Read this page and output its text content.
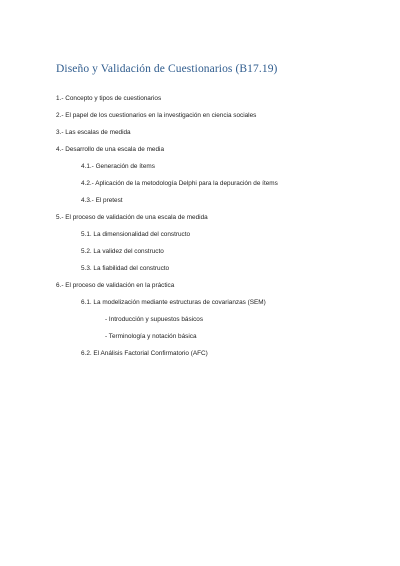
Diseño y Validación de Cuestionarios (B17.19)
1.- Concepto y tipos de cuestionarios
2.- El papel de los cuestionarios en la investigación en ciencia sociales
3.- Las escalas de medida
4.- Desarrollo de una escala de media
4.1.- Generación de ítems
4.2.- Aplicación de la metodología Delphi para la depuración de ítems
4.3.- El pretest
5.- El proceso de validación de una escala de medida
5.1. La dimensionalidad del constructo
5.2. La validez del constructo
5.3. La fiabilidad del constructo
6.- El proceso de validación en la práctica
6.1. La modelización mediante estructuras de covarianzas (SEM)
- Introducción y supuestos básicos
- Terminología y notación básica
6.2. El Análisis Factorial Confirmatorio (AFC)
